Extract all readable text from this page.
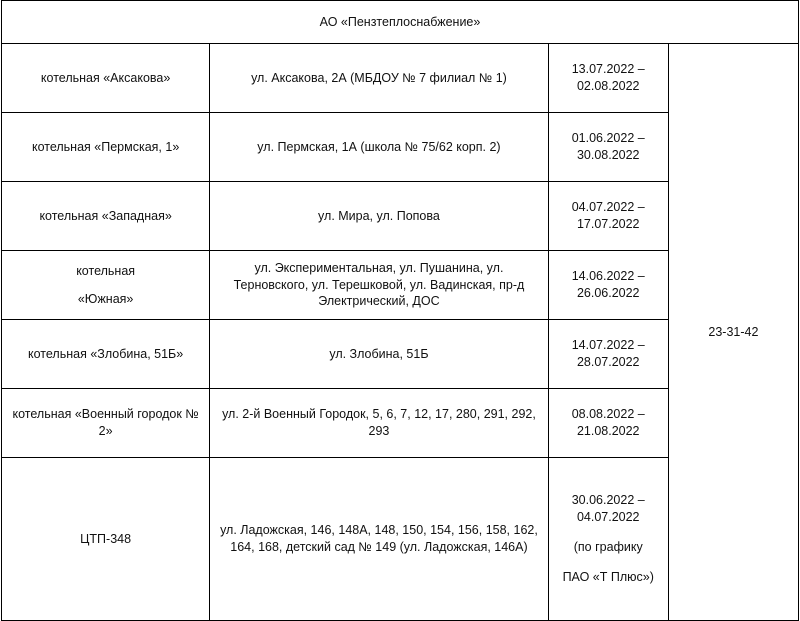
АО «Пензтеплоснабжение»			
котельная «Аксакова»	ул. Аксакова, 2А (МБДОУ № 7 филиал № 1)	13.07.2022 –
02.08.2022	23-31-42
котельная «Пермская, 1»	ул. Пермская, 1А (школа № 75/62 корп. 2)	01.06.2022 –
30.08.2022	

котельная «Западная»	ул. Мира, ул. Попова	04.07.2022 –
17.07.2022	

котельная
«Южная»	ул. Экспериментальная, ул. Пушанина, ул. Терновского, ул. Терешковой, ул. Вадинская, пр-д Электрический, ДОС	14.06.2022 –
26.06.2022	

котельная «Злобина, 51Б»	ул. Злобина, 51Б	14.07.2022 –
28.07.2022	

котельная «Военный городок № 2»	ул. 2-й Военный Городок, 5, 6, 7, 12, 17, 280, 291, 292, 293	08.08.2022 –
21.08.2022	

ЦТП-348	ул. Ладожская, 146, 148А, 148, 150, 154, 156, 158, 162, 164, 168, детский сад № 149 (ул. Ладожская, 146А)	30.06.2022 –
04.07.2022
(по графику
ПАО «Т Плюс»)	
